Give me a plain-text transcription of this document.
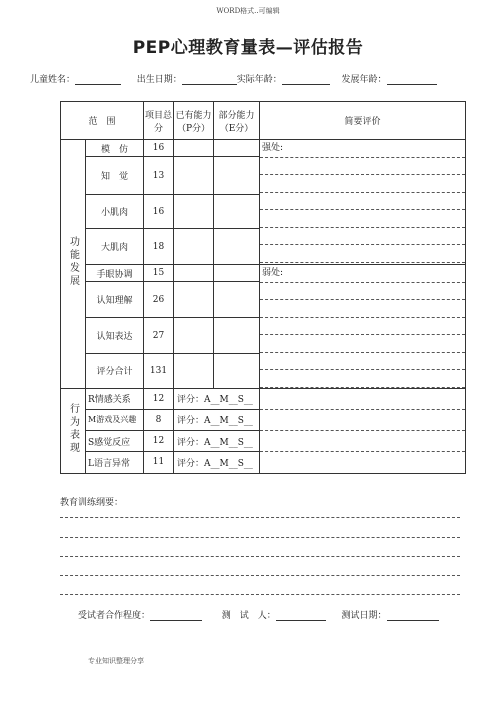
WORD格式..可编辑
PEP心理教育量表—评估报告
儿童姓名：	出生日期：	实际年龄：	发展年龄：
范　围		项目总分	已有能力（P分）	部分能力（E分）	简要评价
功能发展	模　仿	16			强处:

	知　觉	13			
	小肌肉	16			
	大肌肉	18			
	手眼协调	15			弱处:

	认知理解	26			
	认知表达	27			
	评分合计	131			
行为表现	R情感关系	12	评分：A__M__S__		

	M游戏及兴趣	8	评分：A__M__S__		
	S感觉反应	12	评分：A__M__S__		
	L语言异常	11	评分：A__M__S__		
教育训练纲要：
受试者合作程度：	测　试　人：	测试日期：
专业知识整理分享
